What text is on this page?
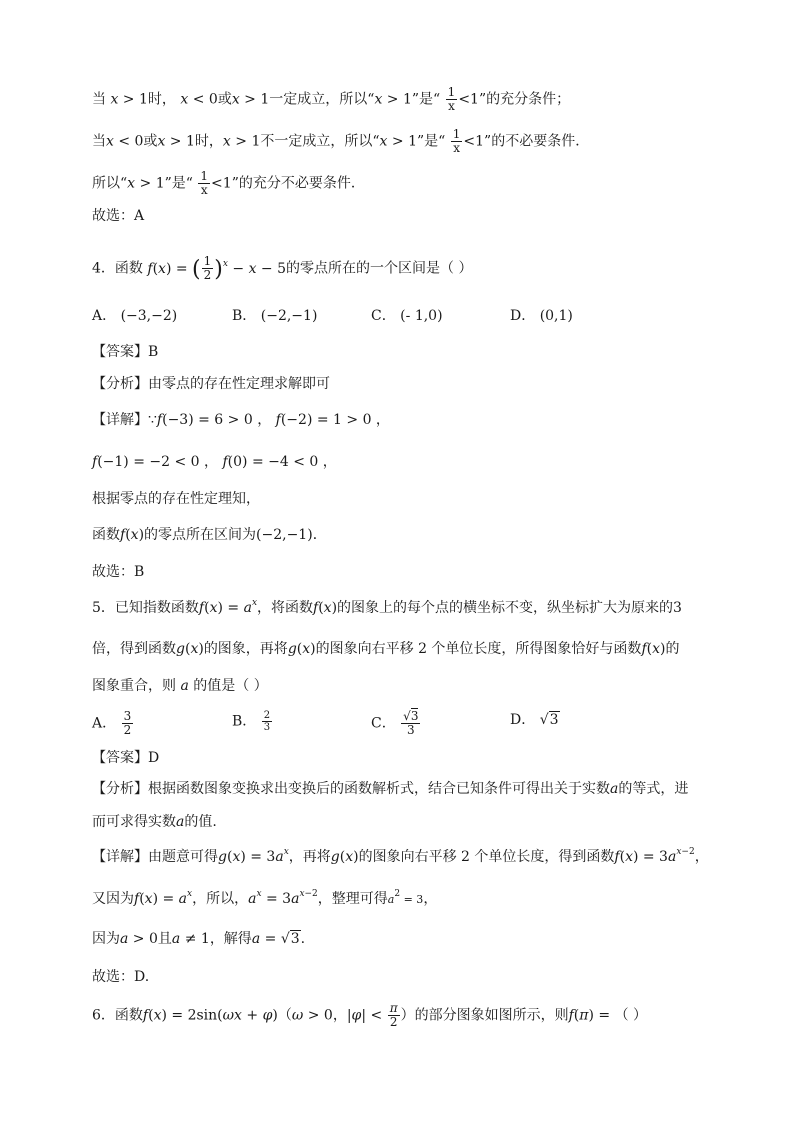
当 x > 1时， x < 0或x > 1一定成立，所以“x > 1”是“ $\frac{1}{x} <1$”的充分条件；
当x < 0或x > 1时，x > 1不一定成立，所以“x > 1”是“ $\frac{1}{x} <1$”的不必要条件．
所以“x > 1”是“ $\frac{1}{x} <1$”的充分不必要条件．
故选：A
4．函数 f(x) = ( $\frac{1}{2} )^x - x - 5$的零点所在的一个区间是（ ）
A． (−3,−2)	B． (−2,−1)	C． (- 1,0)	D． (0,1)
【答案】B
【分析】由零点的存在性定理求解即可
【详解】∵f(−3) = 6 > 0 ， f(−2) = 1 > 0 ，
f(−1) = −2 < 0 ， f(0) = −4 < 0 ，
根据零点的存在性定理知，
函数f(x)的零点所在区间为(−2,−1)．
故选：B
5．已知指数函数$f(x) = a^x$，将函数f(x)的图象上的每个点的横坐标不变，纵坐标扩大为原来的3
倍，得到函数g(x)的图象，再将g(x)的图象向右平移 2 个单位长度，所得图象恰好与函数f(x)的
图象重合，则 a 的值是（ ）
A． $\frac{3}{2}$	B． $\frac{2}{3}$	C． $\frac{√3}{3}$	D． √3
【答案】D
【分析】根据函数图象变换求出变换后的函数解析式，结合已知条件可得出关于实数a的等式，进
而可求得实数a的值.
【详解】由题意可得$g(x) = 3a^x$，再将g(x)的图象向右平移 2 个单位长度，得到函数$f(x) = 3a^{x-2}$，
又因为$f(x) = a^x$，所以，$a^x = 3a^{x-2}$，整理可得$a^2 = 3$，
因为a > 0且a ≠ 1，解得a = √3.
故选：D.
6．函数f(x) = 2sin(ωx + φ)（ω > 0，$|\varphi| < \frac{\pi}{2}$ ）的部分图象如图所示，则f(π) = （ ）
